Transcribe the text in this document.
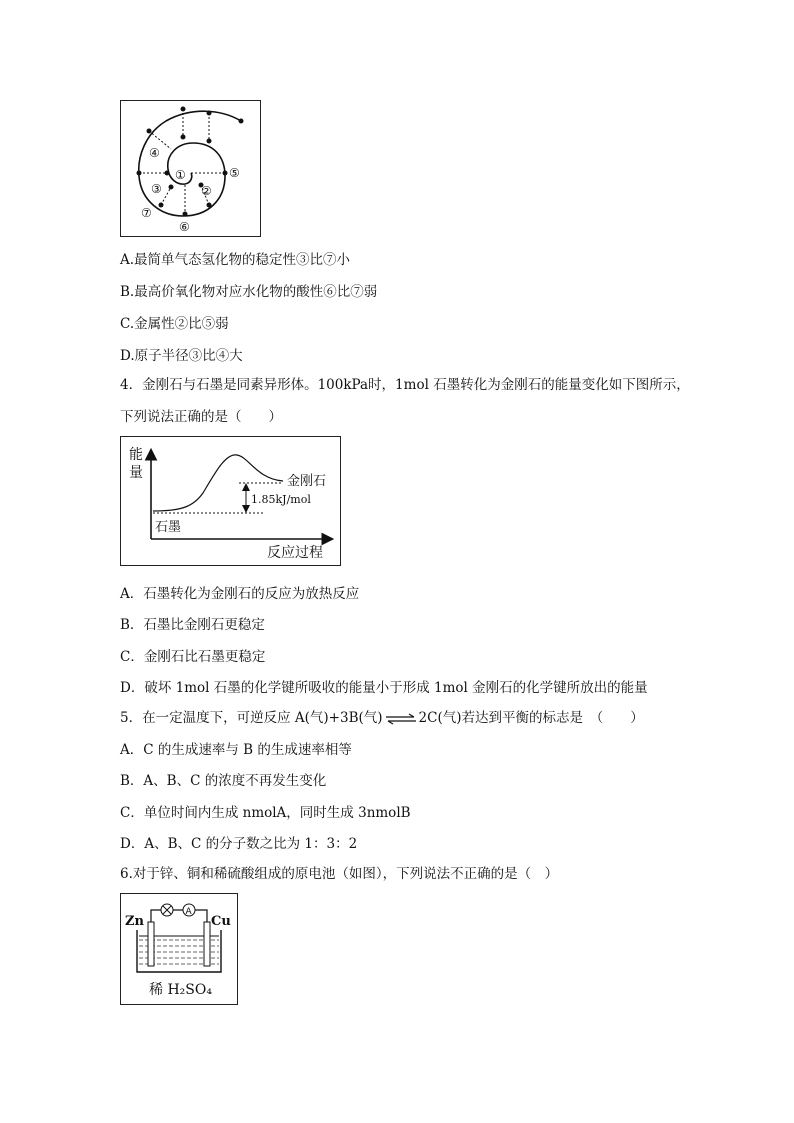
①
②
③
④
⑤
⑥
⑦
A.最简单气态氢化物的稳定性③比⑦小
B.最高价氧化物对应水化物的酸性⑥比⑦弱
C.金属性②比⑤弱
D.原子半径③比④大
4．金刚石与石墨是同素异形体。100kPa时，1mol 石墨转化为金刚石的能量变化如下图所示，
下列说法正确的是（　　）
能
量
金刚石
1.85kJ/mol
石墨
反应过程
A．石墨转化为金刚石的反应为放热反应
B．石墨比金刚石更稳定
C．金刚石比石墨更稳定
D．破坏 1mol 石墨的化学键所吸收的能量小于形成 1mol 金刚石的化学键所放出的能量
5．在一定温度下，可逆反应 A(气)+3B(气)⇌2C(气)若达到平衡的标志是　（　　）
A．C 的生成速率与 B 的生成速率相等
B．A、B、C 的浓度不再发生变化
C．单位时间内生成 nmolA，同时生成 3nmolB
D．A、B、C 的分子数之比为 1：3：2
6.对于锌、铜和稀硫酸组成的原电池（如图），下列说法不正确的是（　）
A
Zn	Cu
稀 H₂SO₄
